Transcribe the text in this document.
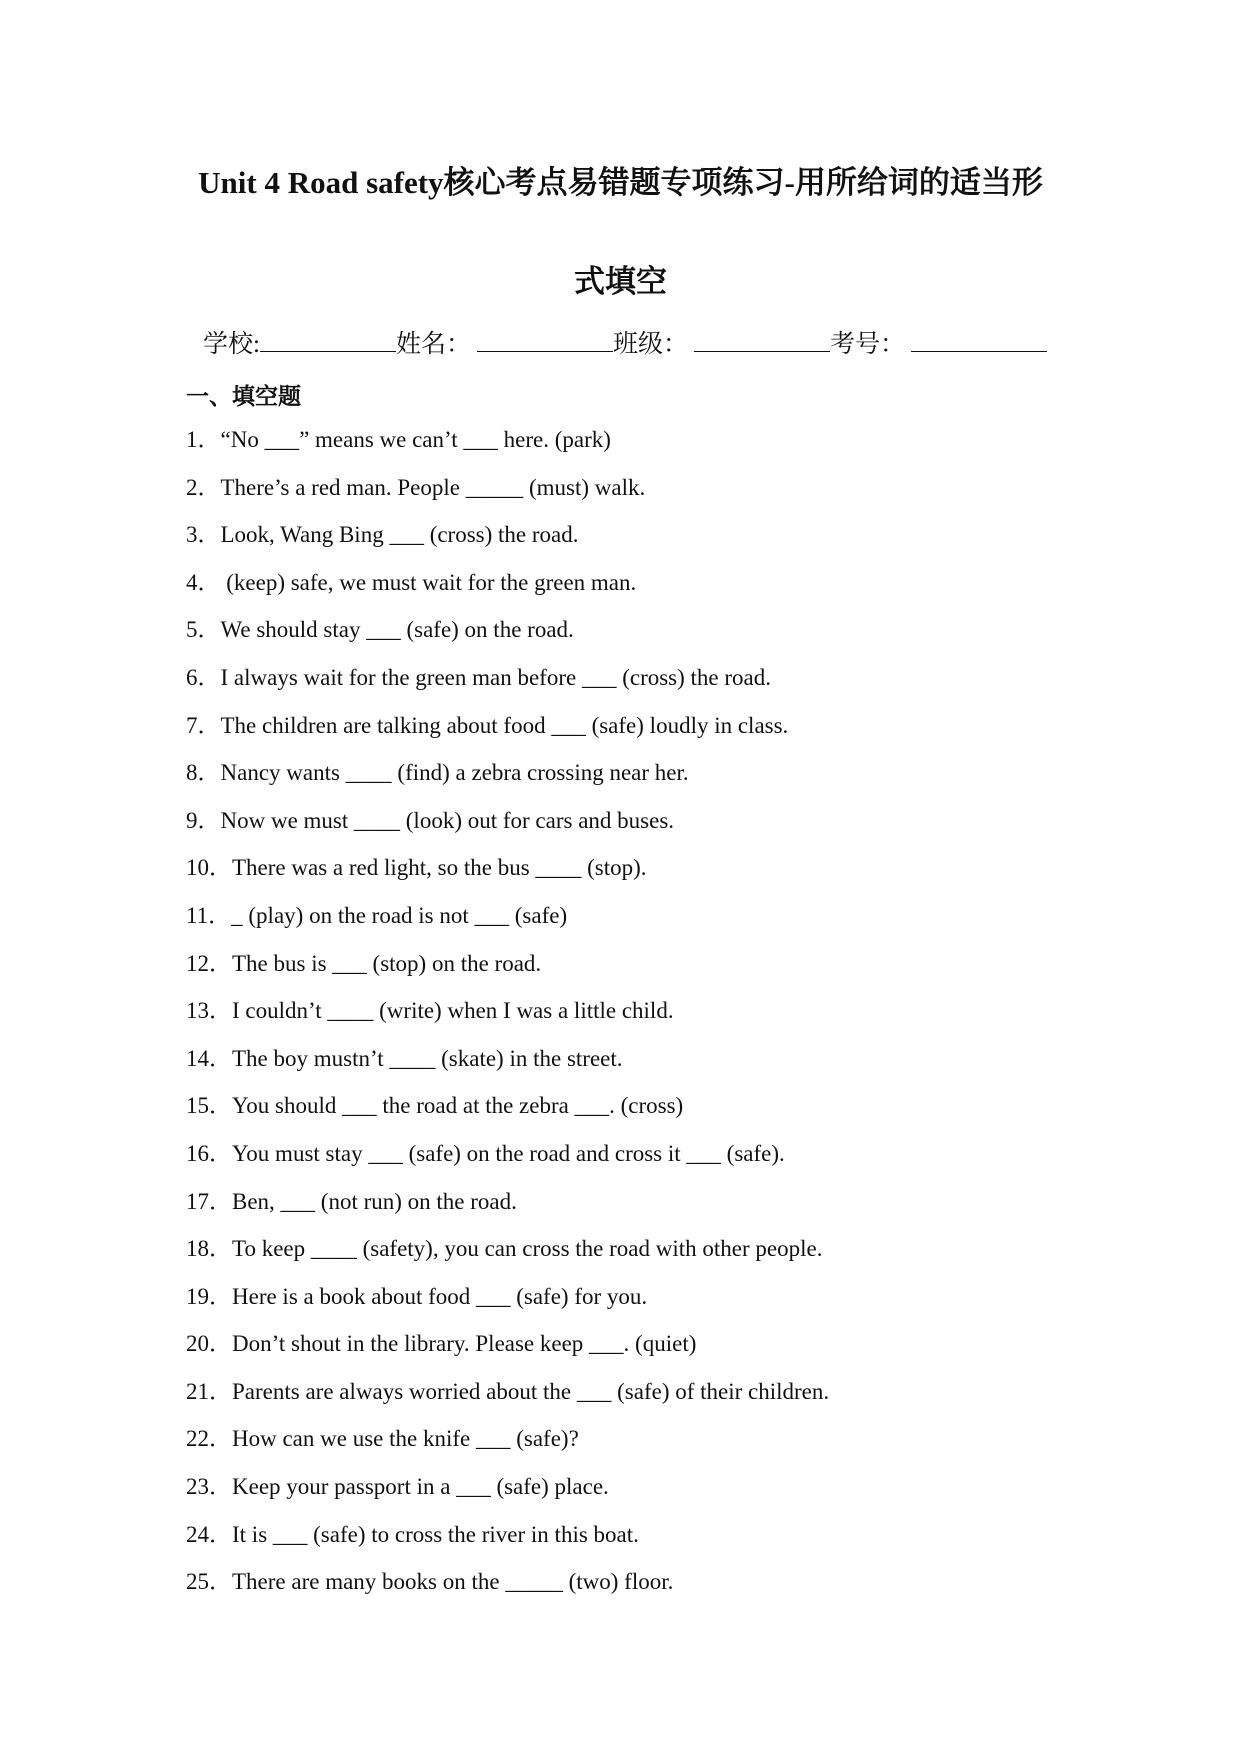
Unit 4 Road safety核心考点易错题专项练习-用所给词的适当形
式填空
学校:	姓名：	班级：	考号：
一、填空题
1．“No ___” means we can’t ___ here. (park)
2．There’s a red man. People _____ (must) walk.
3．Look, Wang Bing ___ (cross) the road.
4． (keep) safe, we must wait for the green man.
5．We should stay ___ (safe) on the road.
6．I always wait for the green man before ___ (cross) the road.
7．The children are talking about food ___ (safe) loudly in class.
8．Nancy wants ____ (find) a zebra crossing near her.
9．Now we must ____ (look) out for cars and buses.
10．There was a red light, so the bus ____ (stop).
11．_ (play) on the road is not ___ (safe)
12．The bus is ___ (stop) on the road.
13．I couldn’t ____ (write) when I was a little child.
14．The boy mustn’t ____ (skate) in the street.
15．You should ___ the road at the zebra ___. (cross)
16．You must stay ___ (safe) on the road and cross it ___ (safe).
17．Ben, ___ (not run) on the road.
18．To keep ____ (safety), you can cross the road with other people.
19．Here is a book about food ___ (safe) for you.
20．Don’t shout in the library. Please keep ___. (quiet)
21．Parents are always worried about the ___ (safe) of their children.
22．How can we use the knife ___ (safe)?
23．Keep your passport in a ___ (safe) place.
24．It is ___ (safe) to cross the river in this boat.
25．There are many books on the _____ (two) floor.
